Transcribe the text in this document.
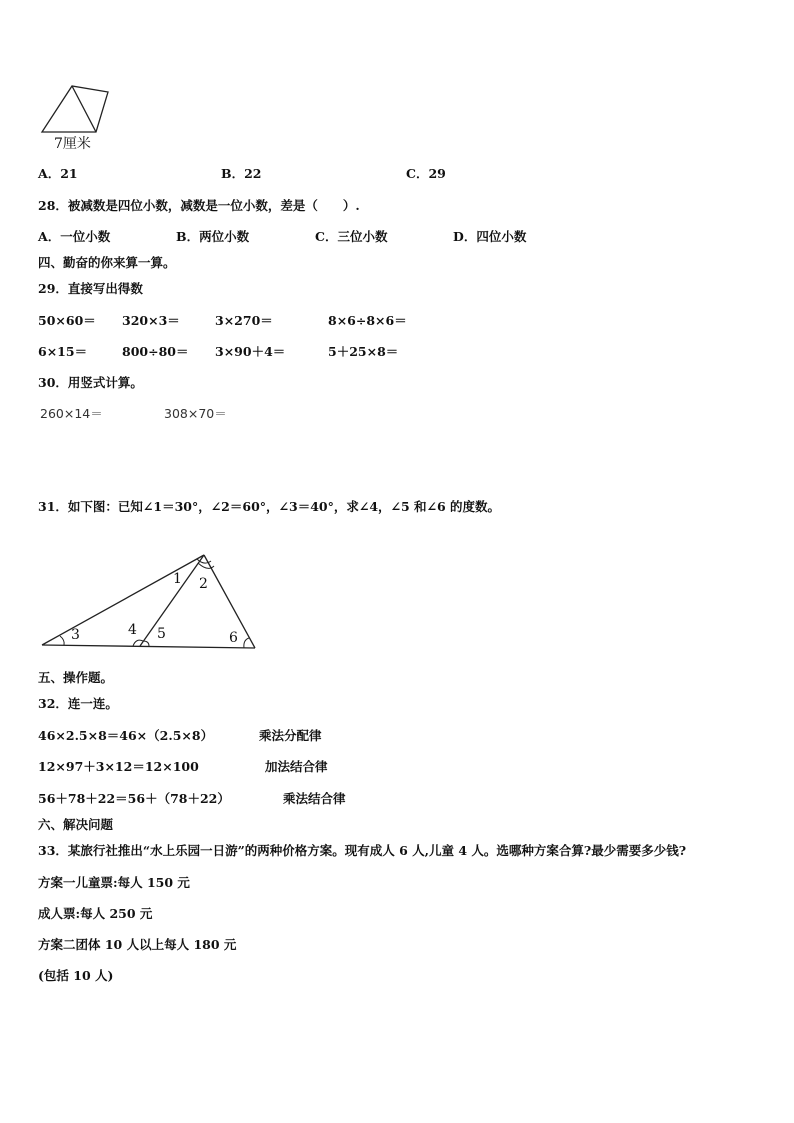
7厘米
A．21	B．22	C．29
28．被减数是四位小数，减数是一位小数，差是（　　）.
A．一位小数	B．两位小数	C．三位小数	D．四位小数
四、勤奋的你来算一算。
29．直接写出得数
50×60＝ 320×3＝	3×270＝	8×6÷8×6＝
6×15＝	800÷80＝ 3×90＋4＝	5＋25×8＝
30．用竖式计算。
260×14＝	308×70＝
31．如下图：已知∠1＝30°，∠2＝60°，∠3＝40°，求∠4，∠5 和∠6 的度数。
1 2
3	4 5	6
五、操作题。
32．连一连。
46×2.5×8＝46×（2.5×8）	乘法分配律
12×97＋3×12＝12×100	加法结合律
56＋78＋22＝56＋（78＋22）	乘法结合律
六、解决问题
33．某旅行社推出“水上乐园一日游”的两种价格方案。现有成人 6 人,儿童 4 人。选哪种方案合算?最少需要多少钱?
方案一儿童票:每人 150 元
成人票:每人 250 元
方案二团体 10 人以上每人 180 元
(包括 10 人)
